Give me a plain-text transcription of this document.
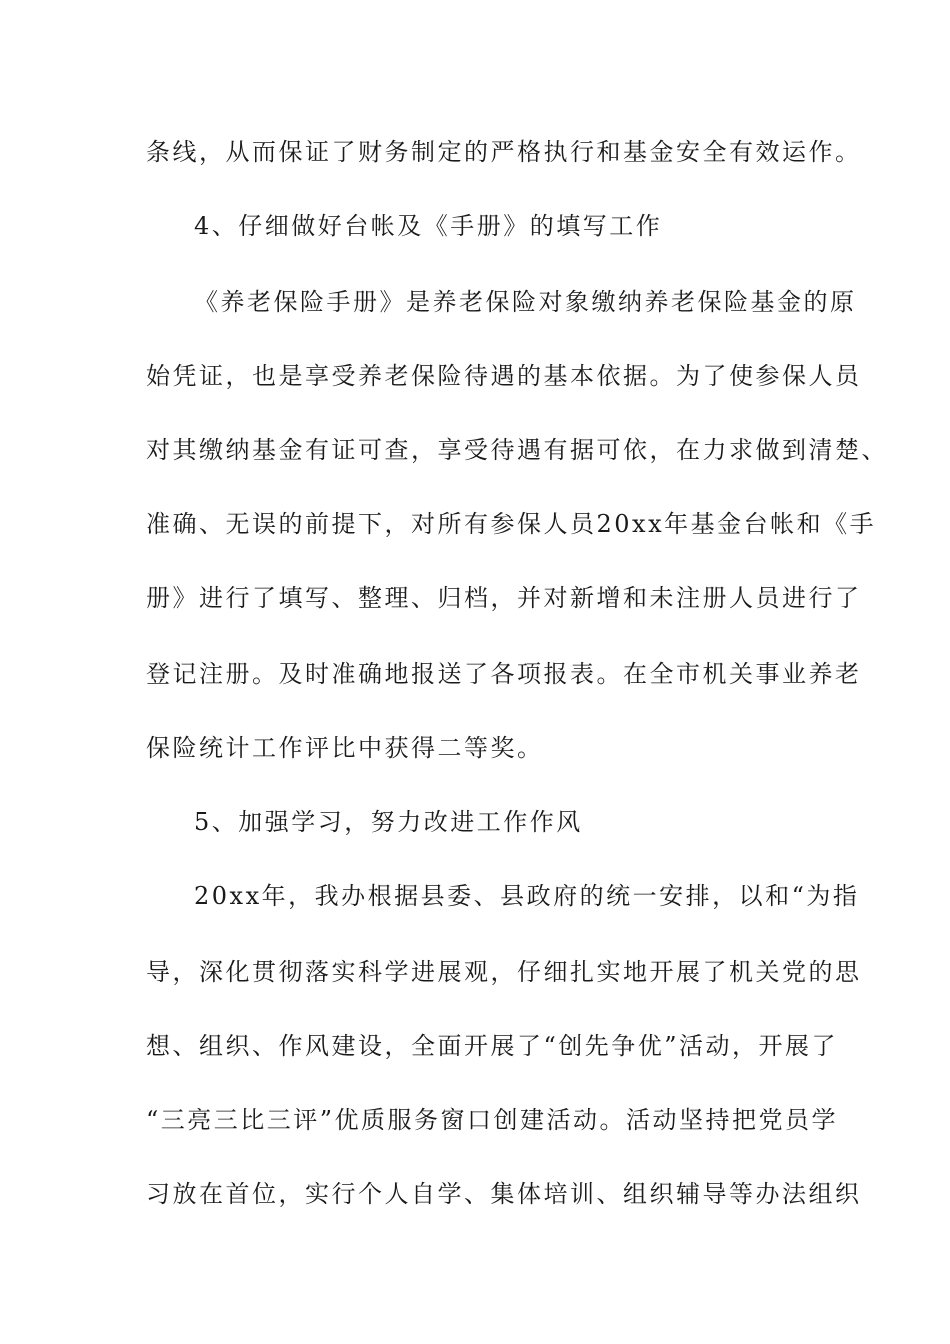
条线，从而保证了财务制定的严格执行和基金安全有效运作。
4、仔细做好台帐及《手册》的填写工作
《养老保险手册》是养老保险对象缴纳养老保险基金的原
始凭证，也是享受养老保险待遇的基本依据。为了使参保人员
对其缴纳基金有证可查，享受待遇有据可依，在力求做到清楚、
准确、无误的前提下，对所有参保人员20xx年基金台帐和《手
册》进行了填写、整理、归档，并对新增和未注册人员进行了
登记注册。及时准确地报送了各项报表。在全市机关事业养老
保险统计工作评比中获得二等奖。
5、加强学习，努力改进工作作风
20xx年，我办根据县委、县政府的统一安排，以和“为指
导，深化贯彻落实科学进展观，仔细扎实地开展了机关党的思
想、组织、作风建设，全面开展了“创先争优”活动，开展了
“三亮三比三评”优质服务窗口创建活动。活动坚持把党员学
习放在首位，实行个人自学、集体培训、组织辅导等办法组织
